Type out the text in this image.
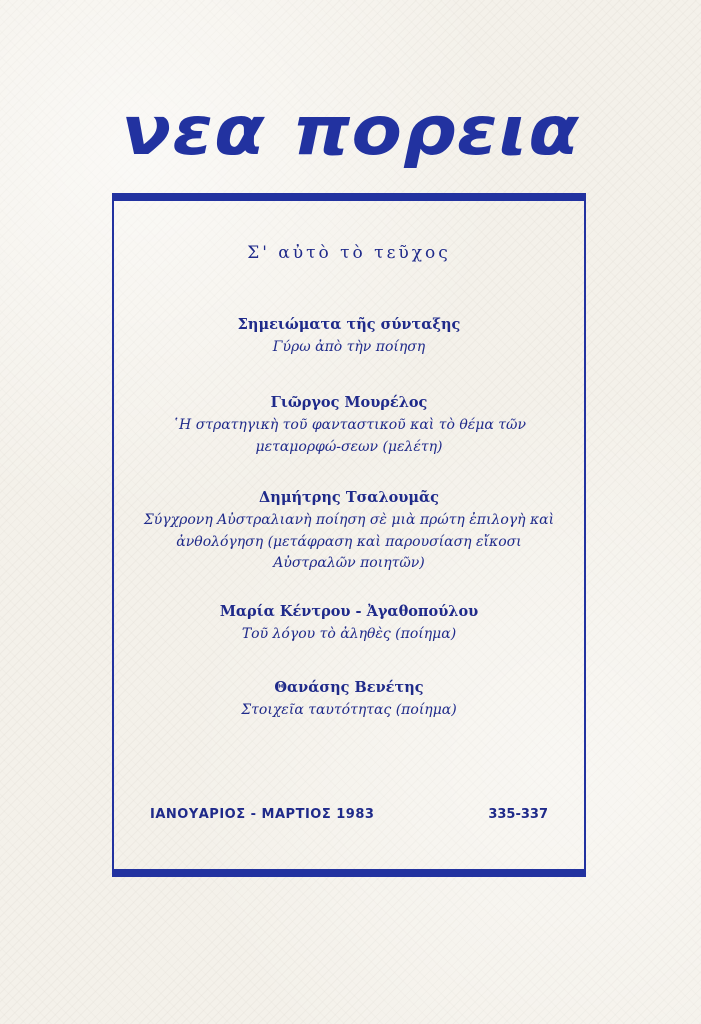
νεα πορεια
Σ' αὐτὸ τὸ τεῦχος
Σημειώματα τῆς σύνταξης
Γύρω ἀπὸ τὴν ποίηση
Γιῶργος Μουρέλος
῾Η στρατηγικὴ τοῦ φανταστικοῦ καὶ τὸ θέμα τῶν μεταμορφώ-σεων (μελέτη)
Δημήτρης Τσαλουμᾶς
Σύγχρονη Αὐστραλιανὴ ποίηση σὲ μιὰ πρώτη ἐπιλογὴ καὶ ἀνθολόγηση (μετάφραση καὶ παρουσίαση εἴκοσι Αὐστραλῶν ποιητῶν)
Μαρία Κέντρου - Ἀγαθοπούλου
Τοῦ λόγου τὸ ἀληθὲς (ποίημα)
Θανάσης Βενέτης
Στοιχεῖα ταυτότητας (ποίημα)
ΙΑΝΟΥΑΡΙΟΣ - ΜΑΡΤΙΟΣ 1983	335-337
